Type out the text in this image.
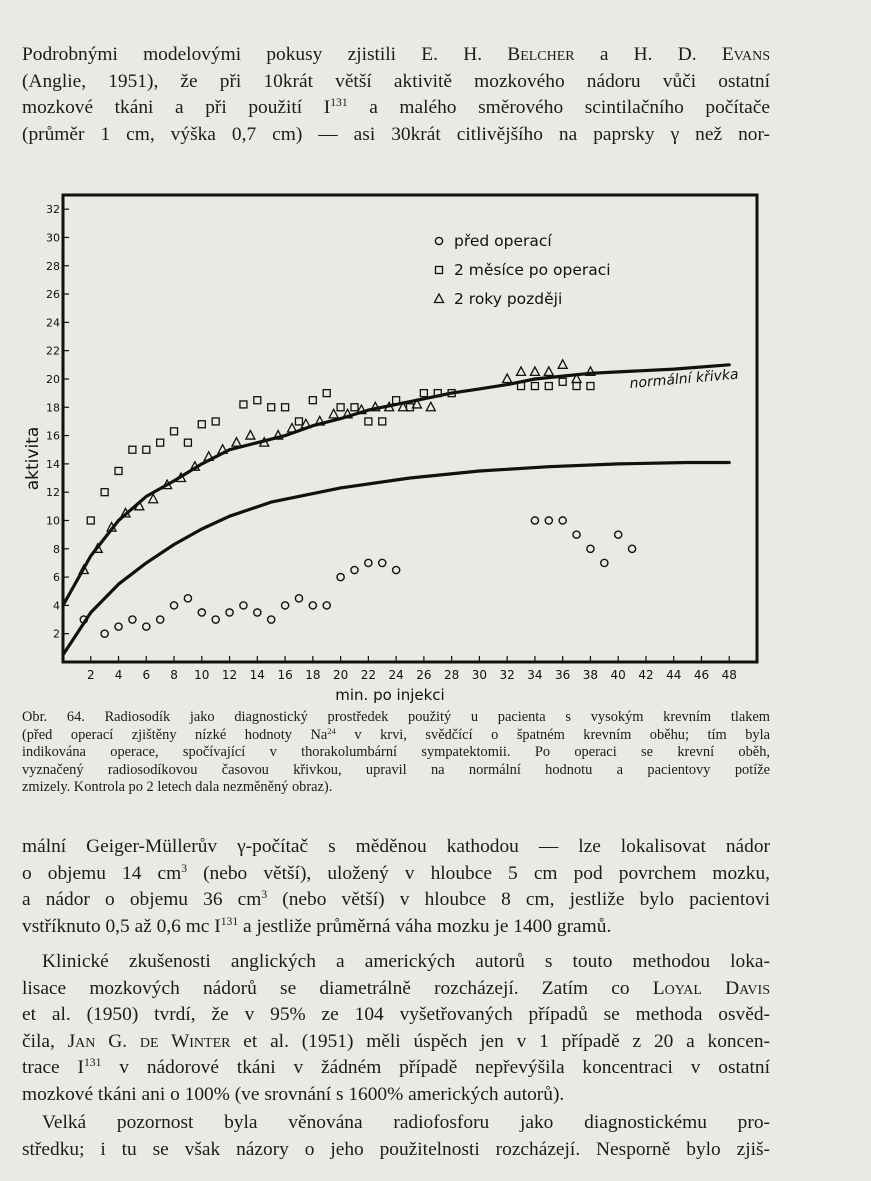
Podrobnými modelovými pokusy zjistili E. H. Belcher a H. D. Evans
(Anglie, 1951), že při 10krát větší aktivitě mozkového nádoru vůči ostatní
mozkové tkáni a při použití $I^{131}$ a malého směrového scintilačního počítače
(průměr 1 cm, výška 0,7 cm) — asi 30krát citlivějšího na paprsky γ než nor-

2 4 6 8 10 12 14 16 18 20 22 24 26 28 30 32 34 36 38 40 42 44 46 48
2
4
6
8
10
12
14
16
18
20
22
24
26
28
30
32
min. po injekci
aktivita
před operací
2 měsíce po operaci
2 roky později
normální křivka

Obr. 64. Radiosodík jako diagnostický prostředek použitý u pacienta s vysokým krevním tlakem
(před operací zjištěny nízké hodnoty Na$^{24}$ v krvi, svědčící o špatném krevním oběhu; tím byla
indikována operace, spočívající v thorakolumbární sympatektomii. Po operaci se krevní oběh,
vyznačený radiosodíkovou časovou křivkou, upravil na normální hodnotu a pacientovy potíže
zmizely. Kontrola po 2 letech dala nezměněný obraz).

mální Geiger-Müllerův γ-počítač s měděnou kathodou — lze lokalisovat nádor
o objemu 14 $cm^3$ (nebo větší), uložený v hloubce 5 cm pod povrchem mozku,
a nádor o objemu 36 $cm^3$ (nebo větší) v hloubce 8 cm, jestliže bylo pacientovi
vstříknuto 0,5 až 0,6 mc $I^{131}$ a jestliže průměrná váha mozku je 1400 gramů.

Klinické zkušenosti anglických a amerických autorů s touto methodou loka-
lisace mozkových nádorů se diametrálně rozcházejí. Zatím co Loyal Davis
et al. (1950) tvrdí, že v 95% ze 104 vyšetřovaných případů se methoda osvěd-
čila, Jan G. de Winter et al. (1951) měli úspěch jen v 1 případě z 20 a koncen-
trace $I^{131}$ v nádorové tkáni v žádném případě nepřevýšila koncentraci v ostatní
mozkové tkáni ani o 100% (ve srovnání s 1600% amerických autorů).

Velká pozornost byla věnována radiofosforu jako diagnostickému pro-
středku; i tu se však názory o jeho použitelnosti rozcházejí. Nesporně bylo zjiš-
